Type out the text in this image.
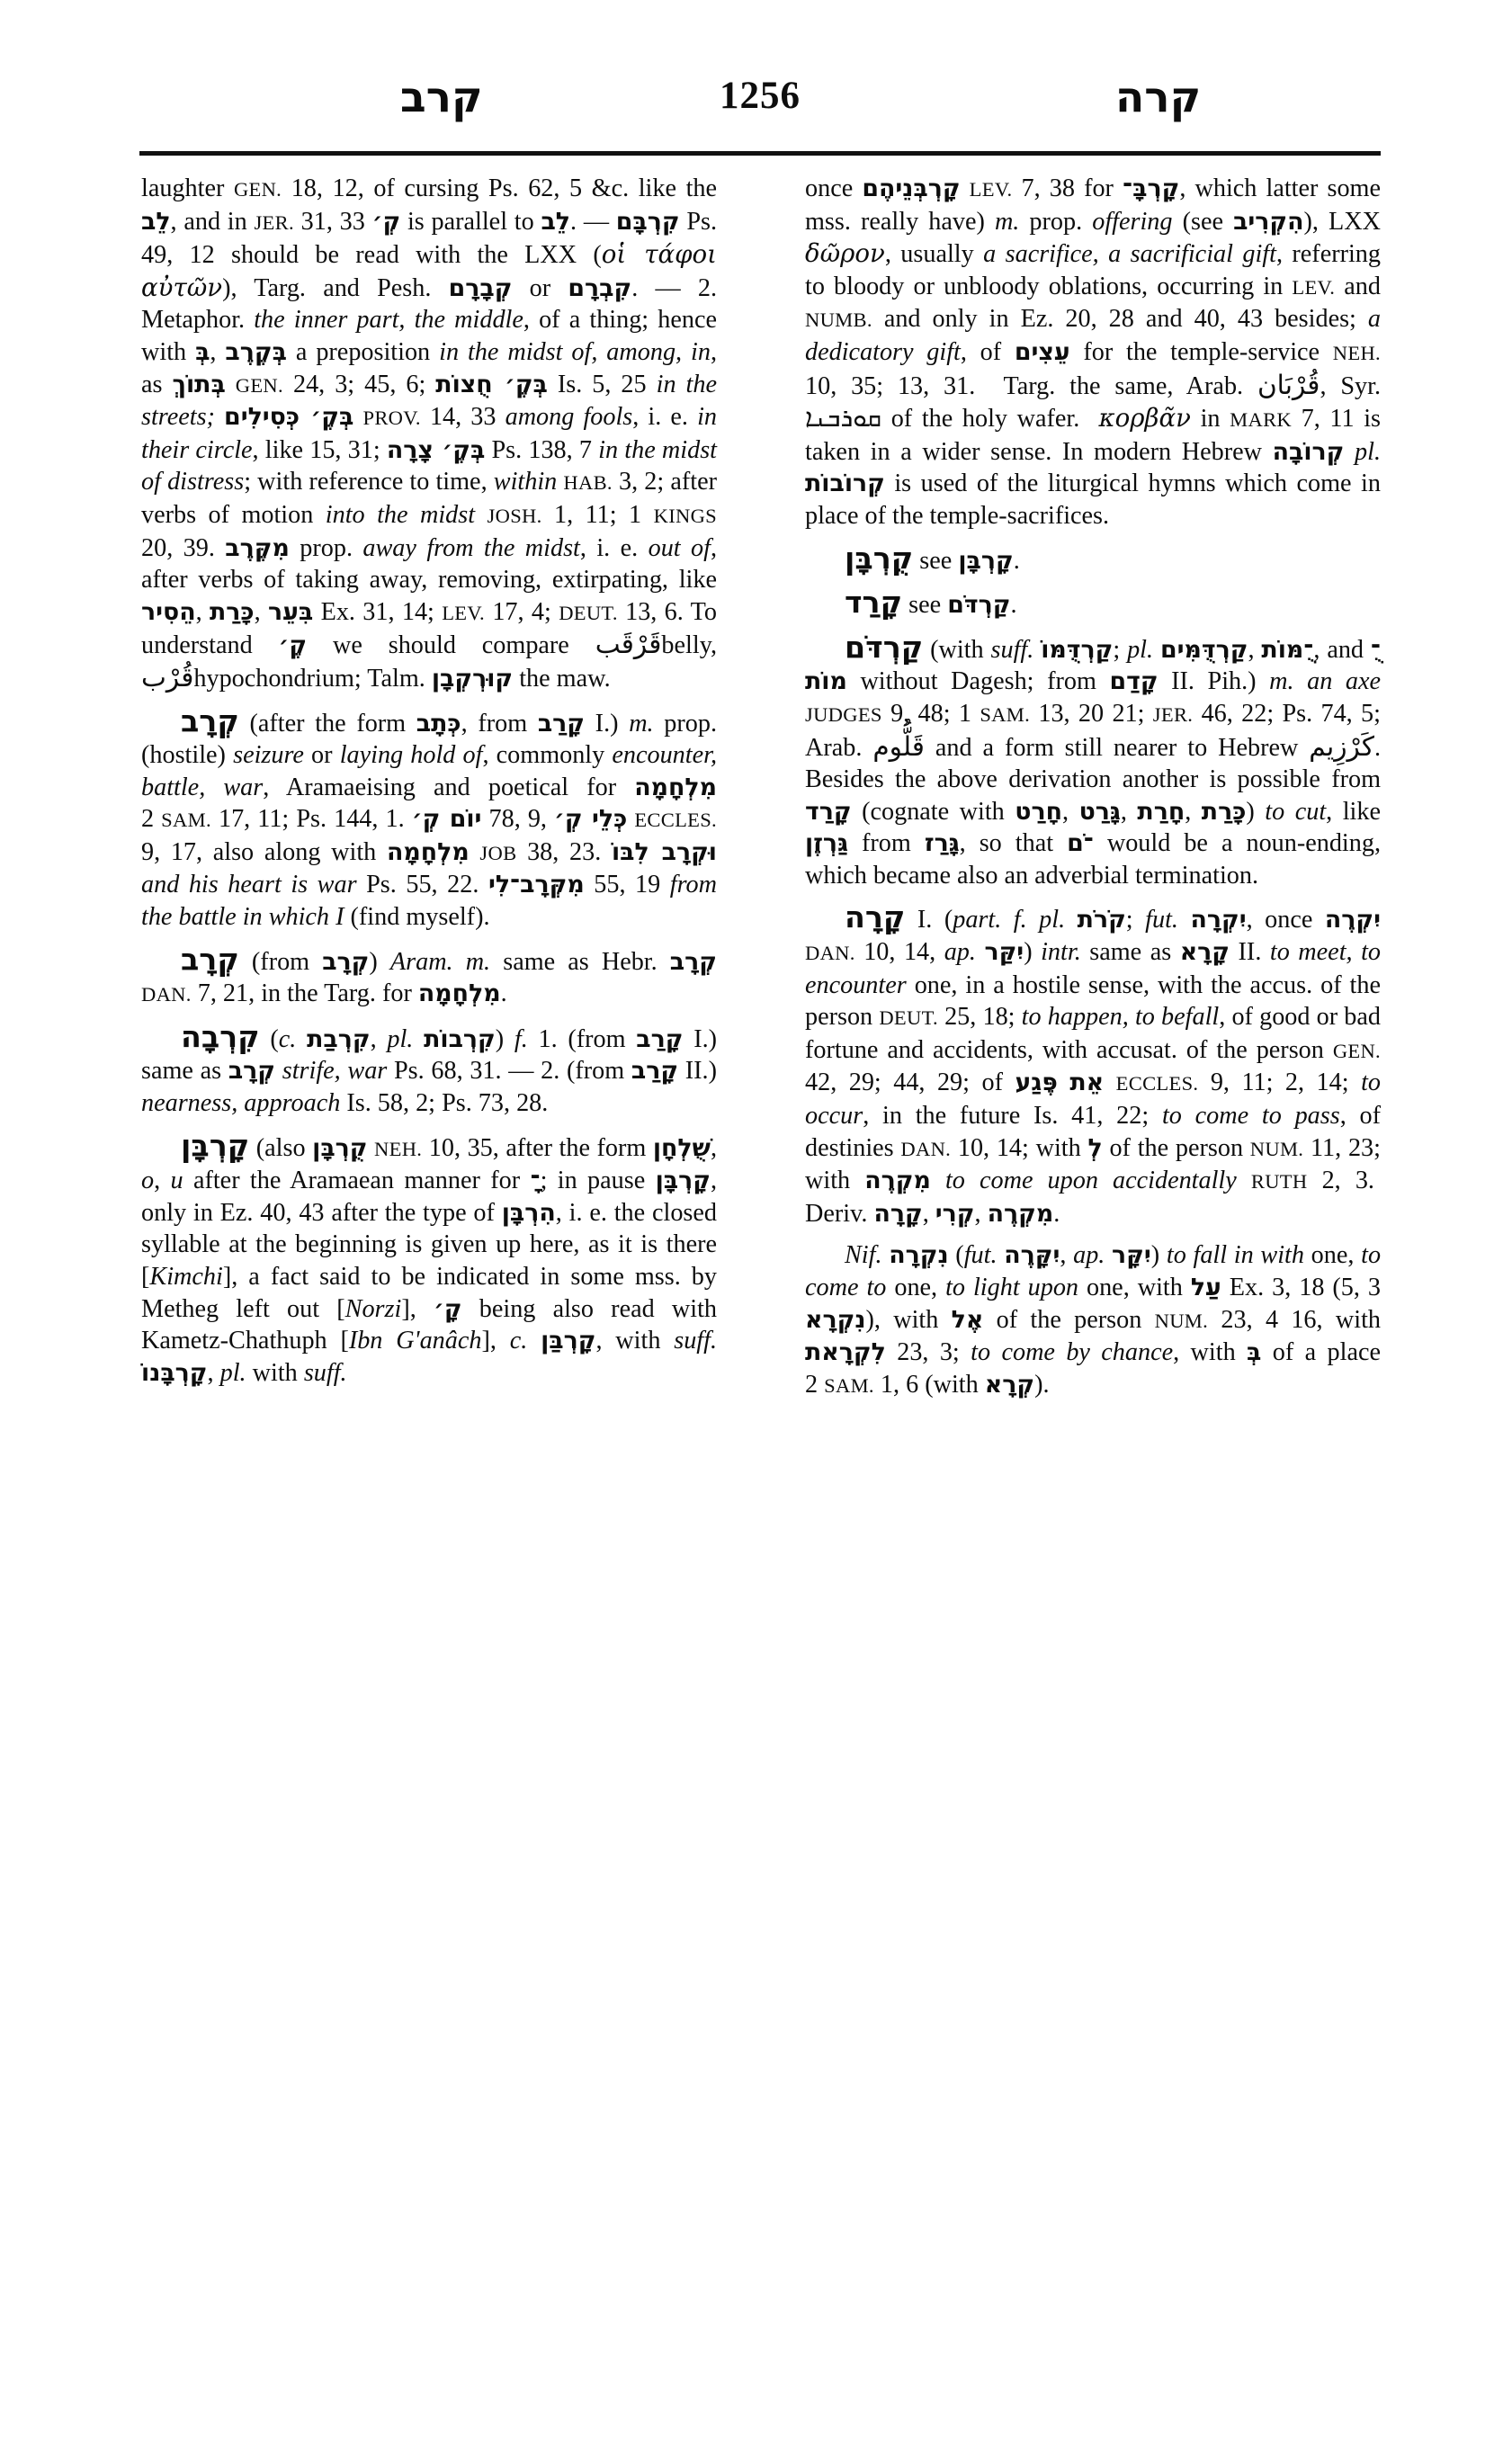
קרב	1256	קרה

laughter GEN. 18, 12, of cursing Ps. 62, 5 &c. like the לֵב, and in JER. 31, 33 קְ׳ is parallel to לֵב. — קִרְבָּם Ps. 49, 12 should be read with the LXX (οἱ τάφοι αὐτῶν), Targ. and Pesh. קְבָרָם or קִבְרָם. — 2. Metaphor. the inner part, the middle, of a thing; hence with בְּ, בְּקֶרֶב a preposition in the midst of, among, in, as בְּתוֹךְ GEN. 24, 3; 45, 6; בְּקֶ׳ חֻצוֹת Is. 5, 25 in the streets; בְּקֶ׳ כְּסִילִים PROV. 14, 33 among fools, i. e. in their circle, like 15, 31; בְּקֶ׳ צָרָה Ps. 138, 7 in the midst of distress; with reference to time, within HAB. 3, 2; after verbs of motion into the midst JOSH. 1, 11; 1 KINGS 20, 39. מִקֶּרֶב prop. away from the midst, i. e. out of, after verbs of taking away, removing, extirpating, like הֵסִיר, כָּרַת, בִּעֵר Ex. 31, 14; LEV. 17, 4; DEUT. 13, 6. To understand קֶ׳ we should compare قَرْقَبbelly, قُرْبhypochondrium; Talm. קוּרְקְבָן the maw.

קְרָב (after the form כְּתָב, from קָרַב I.) m. prop. (hostile) seizure or laying hold of, commonly encounter, battle, war, Aramaeising and poetical for מִלְחָמָה 2 SAM. 17, 11; Ps. 144, 1. יוֹם קְ׳ 78, 9, כְּלֵי קְ׳ ECCLES. 9, 17, also along with מִלְחָמָה JOB 38, 23. וּקְרָב לִבּוֹ and his heart is war Ps. 55, 22. מִקְּרָב־לִי 55, 19 from the battle in which I (find myself).

קְרָב (from קְרָב) Aram. m. same as Hebr. קְרָב DAN. 7, 21, in the Targ. for מִלְחָמָה.

קִרְבָה (c. קִרְבַת, pl. קִרְבוֹת) f. 1. (from קָרַב I.) same as קְרָב strife, war Ps. 68, 31. — 2. (from קָרַב II.) nearness, approach Is. 58, 2; Ps. 73, 28.

קָרְבָּן (also קֻרְבָּן NEH. 10, 35, after the form שֻׁלְחָן, o, u after the Aramaean manner for ־ָ; in pause קָרְבָּן, only in Ez. 40, 43 after the type of הִרְבָּן, i. e. the closed syllable at the beginning is given up here, as it is there [Kimchi], a fact said to be indicated in some mss. by Metheg left out [Norzi], קָ׳ being also read with Kametz-Chathuph [Ibn G'anâch], c. קָרְבַּן, with suff. קָרְבָּנוֹ, pl. with suff.

once קָרְבְּנֵיהֶם LEV. 7, 38 for קָרְבָּ־, which latter some mss. really have) m. prop. offering (see הִקְרִיב), LXX δῶρον, usually a sacrifice, a sacrificial gift, referring to bloody or unbloody oblations, occurring in LEV. and NUMB. and only in Ez. 20, 28 and 40, 43 besides; a dedicatory gift, of עֵצִים for the temple-service NEH. 10, 35; 13, 31.  Targ. the same, Arab. قُرْبَان, Syr. ܩܘܪܒܢܐ of the holy wafer.  κορβᾶν in MARK 7, 11 is taken in a wider sense. In modern Hebrew קְרוֹבָה pl. קְרוֹבוֹת is used of the liturgical hymns which come in place of the temple-sacrifices.

קֻרְבָּן see קָרְבָּן.

קָרַד see קַרְדֹּם.

קַרְדֹּם (with suff. קַרְדֻּמּוֹ; pl. קַרְדֻּמִּים, ־ֻמּוֹת, and ־ֻמוֹת without Dagesh; from קָדַם II. Pih.) m. an axe JUDGES 9, 48; 1 SAM. 13, 20 21; JER. 46, 22; Ps. 74, 5; Arab. قَلُّوم and a form still nearer to Hebrew كَرْزِيم. Besides the above derivation another is possible from קָרַד (cognate with חָרַט, גָּרַט, חָרַת, כָּרַת) to cut, like גַּרְזֶן from גָּרַז, so that ־ֹם would be a noun-ending, which became also an adverbial termination.

קָרָה I. (part. f. pl. קֹרֹת; fut. יִקְרָה, once יִקְרֶה DAN. 10, 14, ap. יִקַּר) intr. same as קָרָא II. to meet, to encounter one, in a hostile sense, with the accus. of the person DEUT. 25, 18; to happen, to befall, of good or bad fortune and accidents, with accusat. of the person GEN. 42, 29; 44, 29; of פֶּגַע אֵת ECCLES. 9, 11; 2, 14; to occur, in the future Is. 41, 22; to come to pass, of destinies DAN. 10, 14; with לְ of the person NUM. 11, 23; with מִקְרֶה to come upon accidentally RUTH 2, 3.  Deriv. קָרָה, קְרִי, מִקְרֶה.

Nif. נִקְרָה (fut. יִקָּרֶה, ap. יִקָּר) to fall in with one, to come to one, to light upon one, with עַל Ex. 3, 18 (5, 3 נִקְרָא), with אֶל of the person NUM. 23, 4 16, with לִקְרָאת 23, 3; to come by chance, with בְּ of a place 2 SAM. 1, 6 (with קְרָא).
